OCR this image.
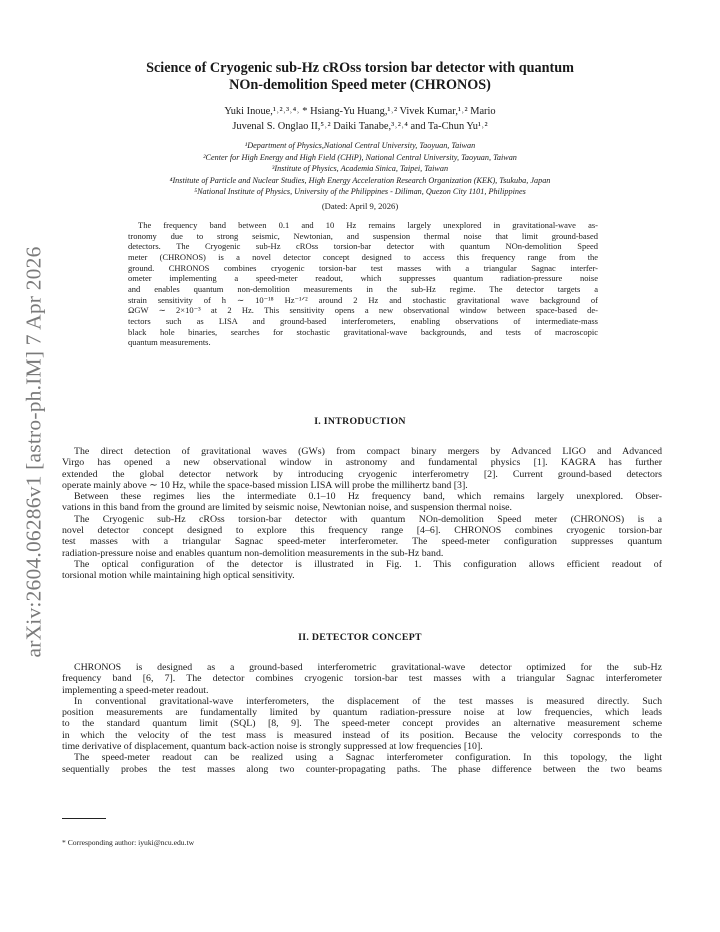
arXiv:2604.06286v1 [astro-ph.IM] 7 Apr 2026
Science of Cryogenic sub-Hz cROss torsion bar detector with quantum
NOn-demolition Speed meter (CHRONOS)
Yuki Inoue,¹˒²˒³˒⁴˒ * Hsiang-Yu Huang,¹˒² Vivek Kumar,¹˒² Mario
Juvenal S. Onglao II,⁵˒² Daiki Tanabe,³˒²˒⁴ and Ta-Chun Yu¹˒²
¹Department of Physics,National Central University, Taoyuan, Taiwan
²Center for High Energy and High Field (CHiP), National Central University, Taoyuan, Taiwan
³Institute of Physics, Academia Sinica, Taipei, Taiwan
⁴Institute of Particle and Nuclear Studies, High Energy Acceleration Research Organization (KEK), Tsukuba, Japan
⁵National Institute of Physics, University of the Philippines - Diliman, Quezon City 1101, Philippines
(Dated: April 9, 2026)
The frequency band between 0.1 and 10 Hz remains largely unexplored in gravitational-wave as-
tronomy due to strong seismic, Newtonian, and suspension thermal noise that limit ground-based
detectors. The Cryogenic sub-Hz cROss torsion-bar detector with quantum NOn-demolition Speed
meter (CHRONOS) is a novel detector concept designed to access this frequency range from the
ground. CHRONOS combines cryogenic torsion-bar test masses with a triangular Sagnac interfer-
ometer implementing a speed-meter readout, which suppresses quantum radiation-pressure noise
and enables quantum non-demolition measurements in the sub-Hz regime. The detector targets a
strain sensitivity of h ∼ 10⁻¹⁸ Hz⁻¹ᐟ² around 2 Hz and stochastic gravitational wave background of
ΩGW ∼ 2×10⁻³ at 2 Hz. This sensitivity opens a new observational window between space-based de-
tectors such as LISA and ground-based interferometers, enabling observations of intermediate-mass
black hole binaries, searches for stochastic gravitational-wave backgrounds, and tests of macroscopic
quantum measurements.
I. INTRODUCTION
The direct detection of gravitational waves (GWs) from compact binary mergers by Advanced LIGO and Advanced
Virgo has opened a new observational window in astronomy and fundamental physics [1]. KAGRA has further
extended the global detector network by introducing cryogenic interferometry [2]. Current ground-based detectors
operate mainly above ∼ 10 Hz, while the space-based mission LISA will probe the millihertz band [3].
Between these regimes lies the intermediate 0.1–10 Hz frequency band, which remains largely unexplored. Obser-
vations in this band from the ground are limited by seismic noise, Newtonian noise, and suspension thermal noise.
The Cryogenic sub-Hz cROss torsion-bar detector with quantum NOn-demolition Speed meter (CHRONOS) is a
novel detector concept designed to explore this frequency range [4–6]. CHRONOS combines cryogenic torsion-bar
test masses with a triangular Sagnac speed-meter interferometer. The speed-meter configuration suppresses quantum
radiation-pressure noise and enables quantum non-demolition measurements in the sub-Hz band.
The optical configuration of the detector is illustrated in Fig. 1. This configuration allows efficient readout of
torsional motion while maintaining high optical sensitivity.
II. DETECTOR CONCEPT
CHRONOS is designed as a ground-based interferometric gravitational-wave detector optimized for the sub-Hz
frequency band [6, 7]. The detector combines cryogenic torsion-bar test masses with a triangular Sagnac interferometer
implementing a speed-meter readout.
In conventional gravitational-wave interferometers, the displacement of the test masses is measured directly. Such
position measurements are fundamentally limited by quantum radiation-pressure noise at low frequencies, which leads
to the standard quantum limit (SQL) [8, 9]. The speed-meter concept provides an alternative measurement scheme
in which the velocity of the test mass is measured instead of its position. Because the velocity corresponds to the
time derivative of displacement, quantum back-action noise is strongly suppressed at low frequencies [10].
The speed-meter readout can be realized using a Sagnac interferometer configuration. In this topology, the light
sequentially probes the test masses along two counter-propagating paths. The phase difference between the two beams
* Corresponding author: iyuki@ncu.edu.tw
